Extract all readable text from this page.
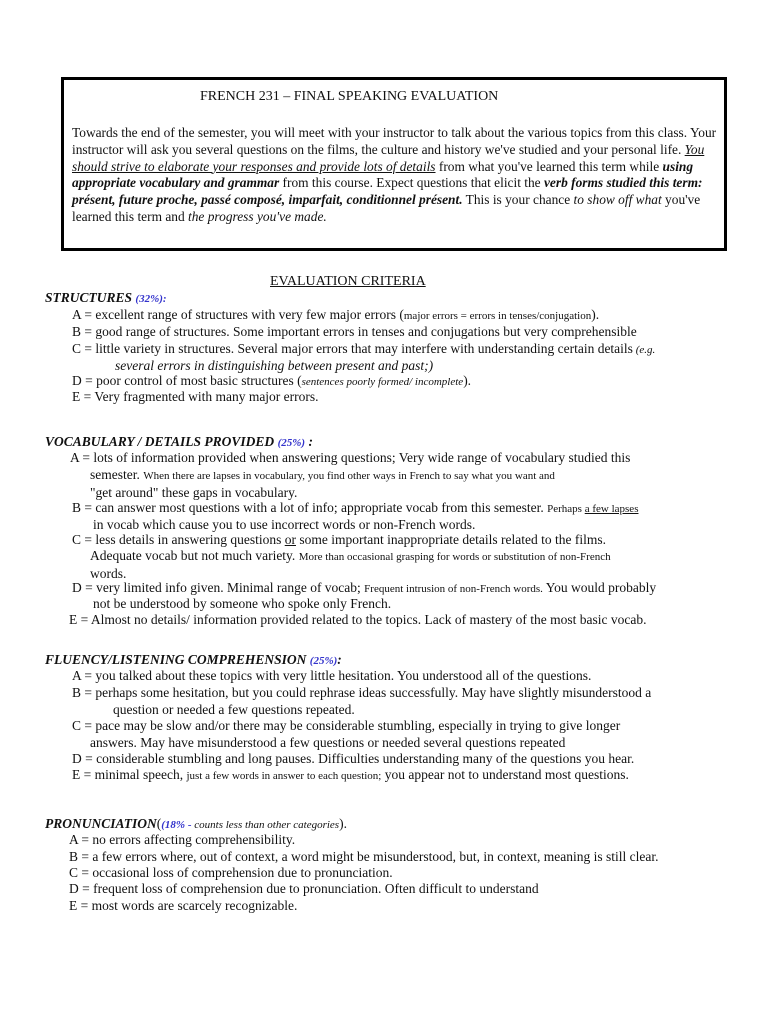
FRENCH 231 – FINAL SPEAKING EVALUATION
Towards the end of the semester, you will meet with your instructor to talk about the various topics from this class. Your instructor will ask you several questions on the films, the culture and history we've studied and your personal life. You should strive to elaborate your responses and provide lots of details from what you've learned this term while using appropriate vocabulary and grammar from this course. Expect questions that elicit the verb forms studied this term: présent, future proche, passé composé, imparfait, conditionnel présent. This is your chance to show off what you've learned this term and the progress you've made.
EVALUATION CRITERIA
STRUCTURES (32%):
A = excellent range of structures with very few major errors (major errors = errors in tenses/conjugation).
B = good range of structures. Some important errors in tenses and conjugations but very comprehensible
C = little variety in structures. Several major errors that may interfere with understanding certain details (e.g.
several errors in distinguishing between present and past;)
D = poor control of most basic structures (sentences poorly formed/ incomplete).
E = Very fragmented with many major errors.
VOCABULARY / DETAILS PROVIDED (25%) :
A = lots of information provided when answering questions; Very wide range of vocabulary studied this
semester. When there are lapses in vocabulary, you find other ways in French to say what you want and
"get around" these gaps in vocabulary.
B = can answer most questions with a lot of info; appropriate vocab from this semester. Perhaps a few lapses
in vocab which cause you to use incorrect words or non-French words.
C = less details in answering questions or some important inappropriate details related to the films.
Adequate vocab but not much variety. More than occasional grasping for words or substitution of non-French
words.
D = very limited info given. Minimal range of vocab; Frequent intrusion of non-French words. You would probably
not be understood by someone who spoke only French.
E = Almost no details/ information provided related to the topics. Lack of mastery of the most basic vocab.
FLUENCY/LISTENING COMPREHENSION (25%):
A = you talked about these topics with very little hesitation. You understood all of the questions.
B = perhaps some hesitation, but you could rephrase ideas successfully. May have slightly misunderstood a
question or needed a few questions repeated.
C = pace may be slow and/or there may be considerable stumbling, especially in trying to give longer
answers. May have misunderstood a few questions or needed several questions repeated
D = considerable stumbling and long pauses. Difficulties understanding many of the questions you hear.
E = minimal speech, just a few words in answer to each question; you appear not to understand most questions.
PRONUNCIATION((18% - counts less than other categories).
A = no errors affecting comprehensibility.
B = a few errors where, out of context, a word might be misunderstood, but, in context, meaning is still clear.
C = occasional loss of comprehension due to pronunciation.
D = frequent loss of comprehension due to pronunciation. Often difficult to understand
E = most words are scarcely recognizable.
